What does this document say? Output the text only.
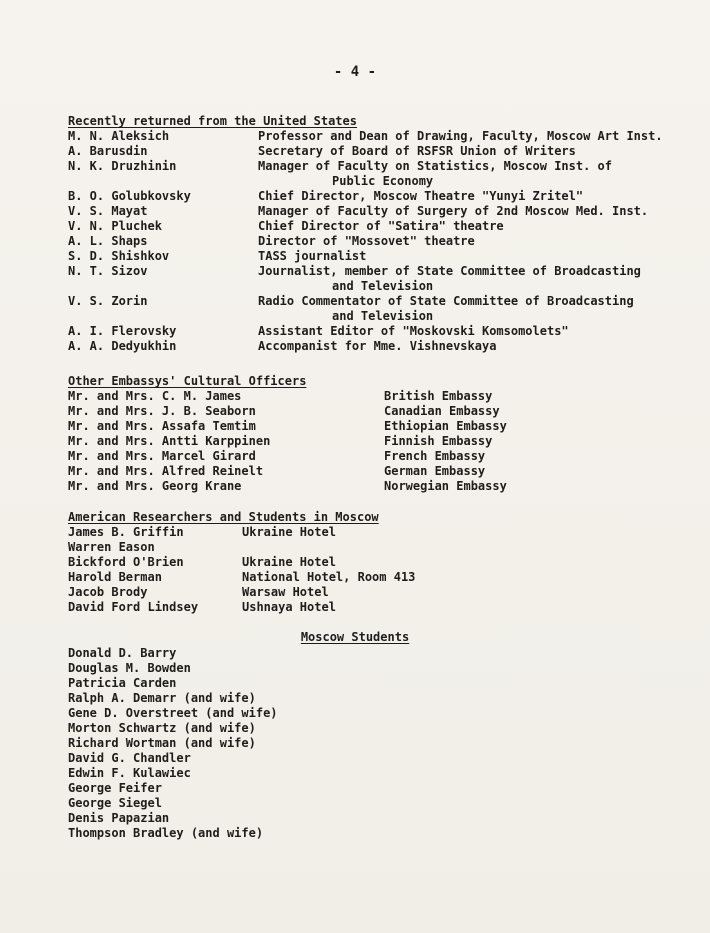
- 4 -
Recently returned from the United States
M. N. Aleksich	Professor and Dean of Drawing, Faculty, Moscow Art Inst.
A. Barusdin	Secretary of Board of RSFSR Union of Writers
N. K. Druzhinin	Manager of Faculty on Statistics, Moscow Inst. of
Public Economy
B. O. Golubkovsky	Chief Director, Moscow Theatre "Yunyi Zritel"
V. S. Mayat	Manager of Faculty of Surgery of 2nd Moscow Med. Inst.
V. N. Pluchek	Chief Director of "Satira" theatre
A. L. Shaps	Director of "Mossovet" theatre
S. D. Shishkov	TASS journalist
N. T. Sizov	Journalist, member of State Committee of Broadcasting
and Television
V. S. Zorin	Radio Commentator of State Committee of Broadcasting
and Television
A. I. Flerovsky	Assistant Editor of "Moskovski Komsomolets"
A. A. Dedyukhin	Accompanist for Mme. Vishnevskaya
Other Embassys' Cultural Officers
Mr. and Mrs. C. M. James	British Embassy
Mr. and Mrs. J. B. Seaborn	Canadian Embassy
Mr. and Mrs. Assafa Temtim	Ethiopian Embassy
Mr. and Mrs. Antti Karppinen	Finnish Embassy
Mr. and Mrs. Marcel Girard	French Embassy
Mr. and Mrs. Alfred Reinelt	German Embassy
Mr. and Mrs. Georg Krane	Norwegian Embassy
American Researchers and Students in Moscow
James B. Griffin	Ukraine Hotel
Warren Eason
Bickford O'Brien	Ukraine Hotel
Harold Berman	National Hotel, Room 413
Jacob Brody	Warsaw Hotel
David Ford Lindsey	Ushnaya Hotel
Moscow Students
Donald D. Barry
Douglas M. Bowden
Patricia Carden
Ralph A. Demarr (and wife)
Gene D. Overstreet (and wife)
Morton Schwartz (and wife)
Richard Wortman (and wife)
David G. Chandler
Edwin F. Kulawiec
George Feifer
George Siegel
Denis Papazian
Thompson Bradley (and wife)
